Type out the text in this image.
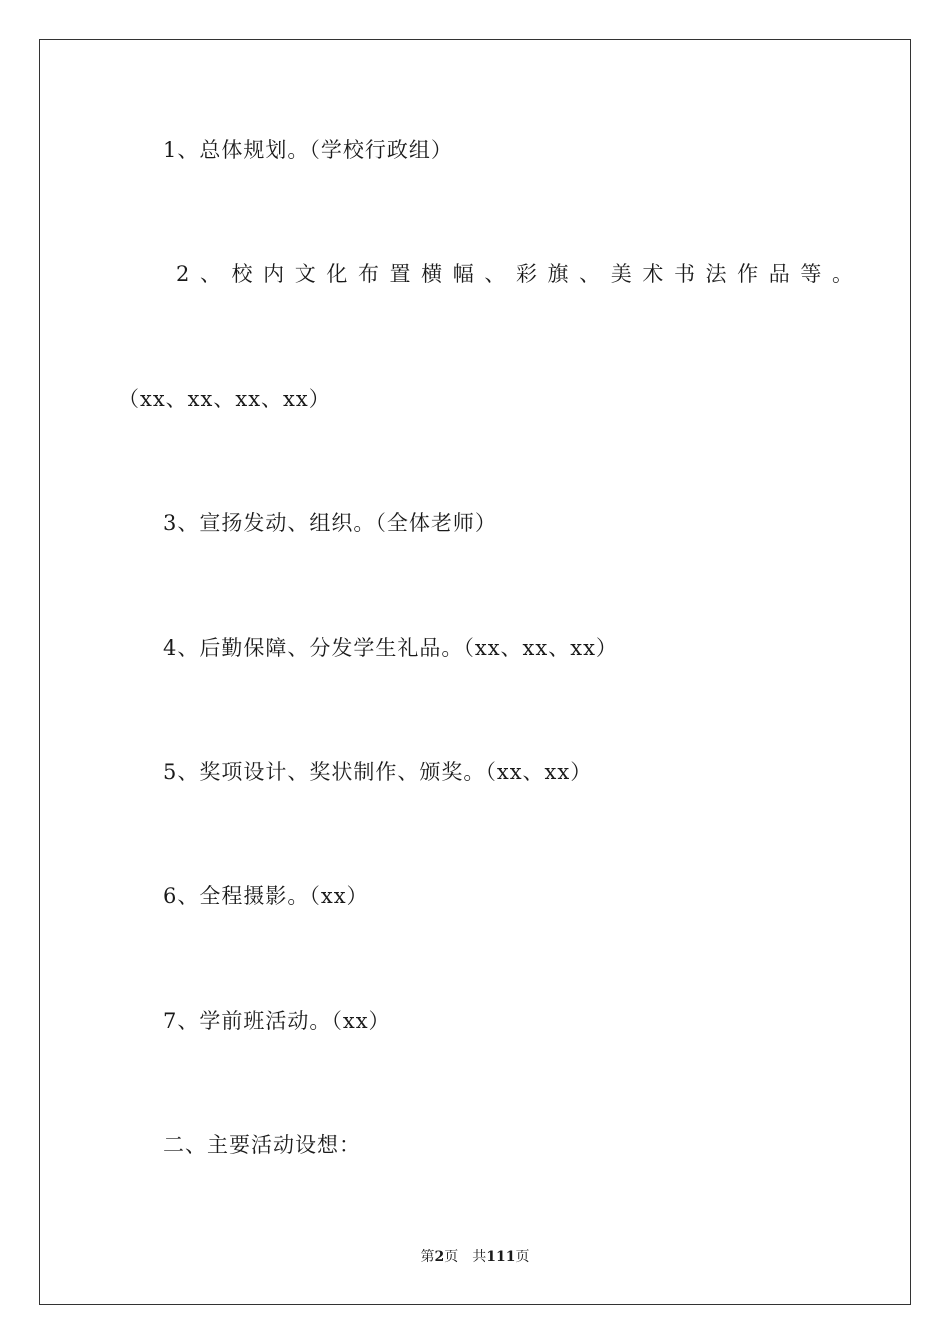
1、总体规划。（学校行政组）
2、校内文化布置横幅、彩旗、美术书法作品等。
（xx、xx、xx、xx）
3、宣扬发动、组织。（全体老师）
4、后勤保障、分发学生礼品。（xx、xx、xx）
5、奖项设计、奖状制作、颁奖。（xx、xx）
6、全程摄影。（xx）
7、学前班活动。（xx）
二、主要活动设想：
第2页 共111页
